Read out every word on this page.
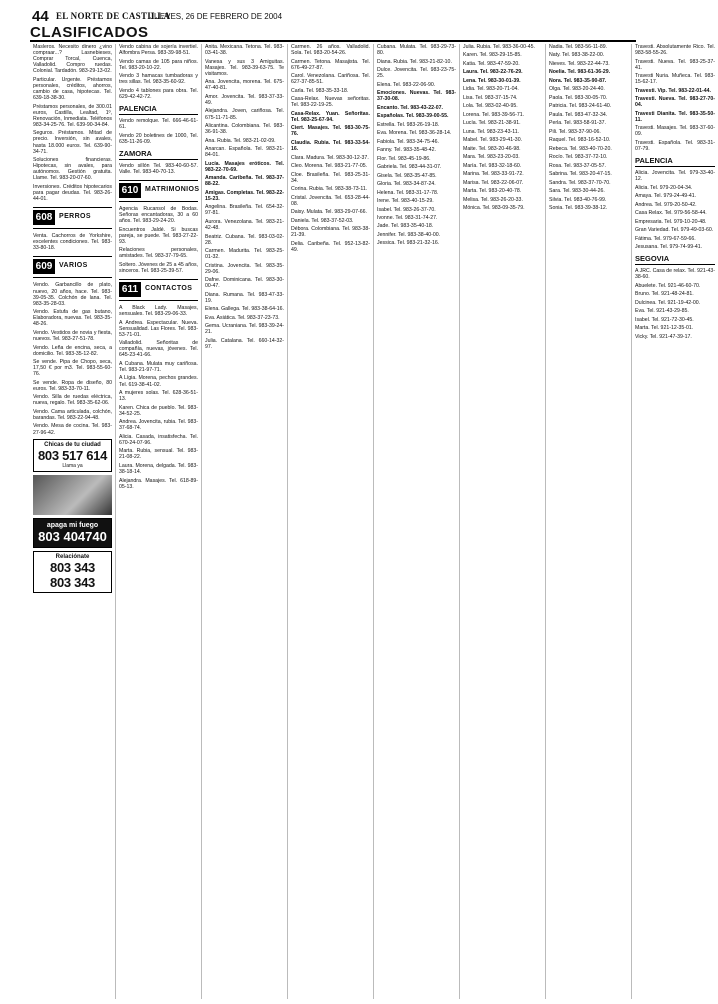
44 EL NORTE DE CASTILLA
JUEVES, 26 DE FEBRERO DE 2004
CLASIFICADOS

Masleros. Necesito dinero ¿vino compraar...? Lasnebieses, Comprar Torcal, Cuenca, Valladolid. Compro ruedas. Colonial. Tardadón. 983-29-13-02.

Particular. Urgente. Préstamos personales, créditos, ahorros, cambio de casa, hipotecas. Tel. 639-18-38-30.

Préstamos personales, de 300.01 euros, Castilla, Lealtad, 1º, Renovación, Inmediata. Teléfonos 983-34-25-76. Tel. 639-90-34-84.

Seguros. Préstamos. Mitad de precio. Inversión, sin avales, hasta 18.000 euros. Tel. 639-90-34-71.

Soluciones financieras. Hipotecas, sin avales, para autónomos. Gestión gratuita. Llame. Tel. 983-20-07-60.

Inversiones. Créditos hipotecarios para pagar deudas. Tel. 983-26-44-01.

608 PERROS

Venta. Cachorros de Yorkshire, excelentes condiciones. Tel. 983-33-80-18.

609 VARIOS

Vendo. Garbancillo de plato, nuevo, 20 años, hace. Tel. 983-39-05-35. Colchón de lana. Tel. 983-35-28-03.

Vendo. Estufa de gas butano, Elaboradora, nuevas. Tel. 983-35-48-26.

Vendo. Vestidos de novia y fiesta, nuevos. Tel. 983-27-51-78.

Vendo. Leña de encina, seca, a domicilio. Tel. 983-35-12-82.

Se vende. Pipa de Chopo, seca, 17,50 € por m3. Tel. 983-55-60-76.

Se vende. Ropa de diseño, 80 euros. Tel. 983-33-70-11.

Vendo. Silla de ruedas eléctrica, nueva, regalo. Tel. 983-35-62-06.

Vendo. Cama articulada, colchón, barandas. Tel. 983-22-94-48.

Vendo. Mesa de cocina. Tel. 983-27-96-42.

Chicas de tu ciudad
803 517 614
Llama ya
apaga mi fuego
803 404740
Relaciónate
803 343
803 343

Vendo cabina de sojería invertiel. Alfombra Persa. 983-39-98-51.

Vendo camas de 105 para niños. Tel. 983-20-10-22.

Vendo 3 hamacas tumbadoras y tres sillas. Tel. 983-35-60-92.

Vendo 4 tablones para obra. Tel. 629-42-42-72.

PALENCIA

Vendo remolque. Tel. 666-46-61-61.

Vendo 20 boletines de 1000, Tel. 635-11-26-09.

ZAMORA

Vendo sillón Tel. 983-40-60-57. Valle. Tel. 983-40-70-13.

610 MATRIMONIOS

Agencia Rucansol de Bodas. Señoras encantadoras, 30 a 60 años. Tel. 983-29-24-20.

Encuentros Jaldé. Si buscas pareja, se puede. Tel. 983-27-22-93.

Relaciones personales, amistades. Tel. 983-37-79-65.

Soltero. Jóvenes de 25 a 45 años, sinceros. Tel. 983-25-39-57.

611 CONTACTOS

A Black Lady. Masajes, sensuales. Tel. 983-29-06-33.

A Andrea. Espectacular. Nueva. Sensualidad. Las Flores. Tel. 983-53-71-01.

Valladolid. Señoritas de compañía, nuevas, jóvenes. Tel. 645-23-41-66.

A Cubana. Mulata muy cariñosa. Tel. 983-21-97-71.

A Lígia. Morena, pechos grandes. Tel. 619-38-41-02.

A mujeres solas. Tel. 628-36-51-13.

Karen. Chica de pueblo. Tel. 983-34-52-25.

Andrea. Jovencita, rubia. Tel. 983-37-68-74.

Alicia. Casada, insatisfecha. Tel. 670-24-07-96.

Marta. Rubia, sensual. Tel. 983-21-08-22.

Laura. Morena, delgada. Tel. 983-38-18-14.

Alejandra. Masajes. Tel. 618-89-05-13.

Anita. Mexicana. Tetona. Tel. 983-03-41-38.

Vanesa y sus 3 Amiguitas. Masajes. Tel. 983-39-63-75. Te visitamos.

Ana. Jovencita, morena. Tel. 675-47-40-81.

Amor. Jovencita. Tel. 983-37-33-49.

Alejandra. Joven, cariñosa. Tel. 675-11-71-85.

Alicantina. Colombiana. Tel. 983-36-91-38.

Ana. Rubia. Tel. 983-21-02-09.

Anarcan. Española. Tel. 983-21-84-01.

Lucía. Masajes eróticos. Tel. 983-22-70-69.

Amanda. Caribeña. Tel. 983-37-88-22.

Amigas. Completas. Tel. 983-22-15-23.

Angelina. Brasileña. Tel. 654-32-97-81.

Aurora. Venezolana. Tel. 983-21-42-48.

Beatriz. Cubana. Tel. 983-03-02-28.

Carmen. Madurita. Tel. 983-25-01-32.

Cristina. Jovencita. Tel. 983-35-29-06.

Dafne. Dominicana. Tel. 983-30-00-47.

Diana. Rumana. Tel. 983-47-33-19.

Elena. Gallega. Tel. 983-38-64-16.

Eva. Asiática. Tel. 983-37-23-73.

Gema. Ucraniana. Tel. 983-39-24-21.

Julia. Catalana. Tel. 660-14-32-97.

Carmen. 26 años. Valladolid. Sola. Tel. 983-20-54-26.

Carmen. Tetona. Masajista. Tel. 676-49-27-87.

Carol. Venezolana. Cariñosa. Tel. 627-37-85-51.

Carla. Tel. 983-35-33-18.

Casa-Relax. Nuevas señoritas. Tel. 983-22-19-25.

Casa-Relax. Yuan. Señoritas. Tel. 983-25-67-94.

Ciert. Masajes. Tel. 983-30-75-76.

Claudia. Rubia. Tel. 983-33-54-16.

Clara. Madura. Tel. 983-30-12-37.

Cleo. Morena. Tel. 983-21-77-05.

Cloe. Brasileña. Tel. 983-25-31-34.

Corina. Rubia. Tel. 983-38-73-11.

Cristal. Jovencita. Tel. 653-28-44-08.

Daisy. Mulata. Tel. 983-29-07-66.

Daniela. Tel. 983-37-52-03.

Débora. Colombiana. Tel. 983-38-21-39.

Delia. Caribeña. Tel. 952-13-82-49.

Cubana. Mulata. Tel. 983-29-73-80.

Diana. Rubia. Tel. 983-21-82-10.

Dulce. Jovencita. Tel. 983-23-75-25.

Elena. Tel. 983-22-06-90.

Emociones. Nuevas. Tel. 983-37-30-08.

Encanto. Tel. 983-43-22-07.

Españolas. Tel. 983-39-00-55.

Estrella. Tel. 983-26-19-18.

Eva. Morena. Tel. 983-36-28-14.

Fabiola. Tel. 983-34-75-46.

Fanny. Tel. 983-35-48-42.

Flor. Tel. 983-45-19-86.

Gabriela. Tel. 983-44-31-07.

Gisela. Tel. 983-35-47-85.

Gloria. Tel. 983-34-87-24.

Helena. Tel. 983-31-17-78.

Irene. Tel. 983-40-15-29.

Isabel. Tel. 983-26-37-70.

Ivonne. Tel. 983-31-74-27.

Jade. Tel. 983-35-40-18.

Jennifer. Tel. 983-38-40-00.

Jessica. Tel. 983-21-32-16.

Julia. Rubia. Tel. 983-36-00-45.

Karen. Tel. 983-29-15-85.

Katia. Tel. 983-47-59-20.

Laura. Tel. 983-22-76-29.

Lena. Tel. 983-30-01-39.

Lidia. Tel. 983-20-71-04.

Lisa. Tel. 983-37-15-74.

Lola. Tel. 983-02-40-95.

Lorena. Tel. 983-39-56-71.

Lucía. Tel. 983-21-38-91.

Luna. Tel. 983-23-43-11.

Mabel. Tel. 983-29-41-30.

Maite. Tel. 983-20-46-98.

Mara. Tel. 983-23-20-03.

María. Tel. 983-32-18-60.

Marina. Tel. 983-33-91-72.

Marisa. Tel. 983-22-06-07.

Marta. Tel. 983-20-40-78.

Melisa. Tel. 983-26-20-33.

Mónica. Tel. 983-09-35-79.

Nadia. Tel. 983-56-11-89.

Naty. Tel. 983-38-22-00.

Nieves. Tel. 983-22-44-73.

Noelia. Tel. 983-61-36-29.

Nora. Tel. 983-35-90-87.

Olga. Tel. 983-20-24-40.

Paola. Tel. 983-30-05-70.

Patricia. Tel. 983-24-61-40.

Paula. Tel. 983-47-32-34.

Perla. Tel. 983-58-91-37.

Pili. Tel. 983-37-90-06.

Raquel. Tel. 983-16-52-10.

Rebeca. Tel. 983-40-70-20.

Rocío. Tel. 983-37-72-10.

Rosa. Tel. 983-37-05-57.

Sabrina. Tel. 983-20-47-15.

Sandra. Tel. 983-37-70-70.

Sara. Tel. 983-30-44-26.

Silvia. Tel. 983-40-76-99.

Sonia. Tel. 983-39-38-12.

Travesti. Absolutamente Rico. Tel. 983-58-55-26.

Travesti. Nueva. Tel. 983-25-37-41.

Travesti Nuria. Muñeca. Tel. 983-15-62-17.

Travesti. Vip. Tel. 983-22-01-44.

Travesti. Nueva. Tel. 983-27-70-04.

Travesti Dianita. Tel. 983-35-50-11.

Travesti. Masajes. Tel. 983-37-60-09.

Travesti. Española. Tel. 983-31-07-79.

PALENCIA

Alicia. Jovencita. Tel. 979-33-40-12.

Alicia. Tel. 979-20-04-34.

Amaya. Tel. 979-24-49-41.

Andrea. Tel. 979-20-50-42.

Casa Relax. Tel. 979-56-58-44.

Empresaria. Tel. 979-10-20-48.

Gran Variedad. Tel. 979-49-03-60.

Fátima. Tel. 979-67-59-66.

Jesusana. Tel. 979-74-99-41.

SEGOVIA

A JRC. Casa de relax. Tel. 921-43-38-60.

Abuelete. Tel. 921-46-60-70.

Bruno. Tel. 921-48-24-81.

Dulcinea. Tel. 921-19-42-00.

Eva. Tel. 921-43-29-85.

Isabel. Tel. 921-72-30-45.

Marta. Tel. 921-12-35-01.

Vicky. Tel. 921-47-39-17.
